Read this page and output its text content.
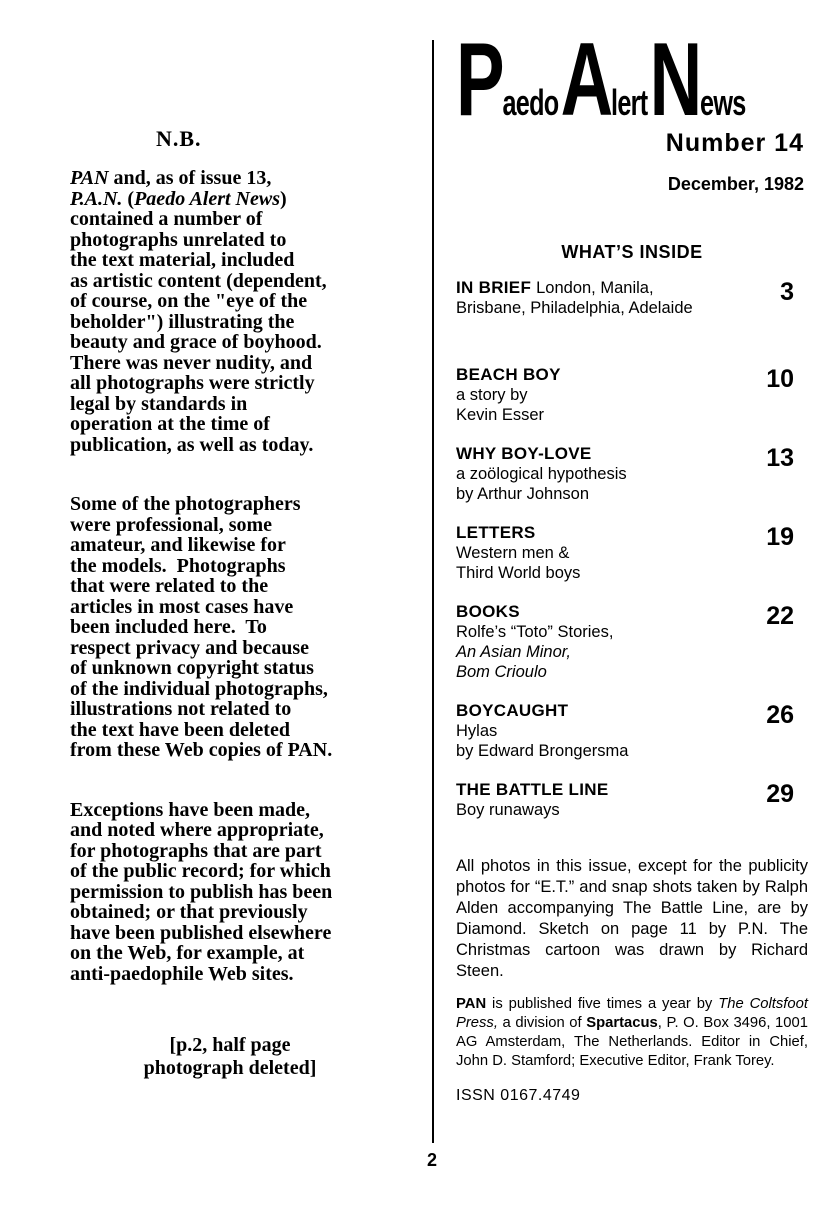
N.B.

PAN and, as of issue 13,
P.A.N. (Paedo Alert News)
contained a number of
photographs unrelated to
the text material, included
as artistic content (dependent,
of course, on the "eye of the
beholder") illustrating the
beauty and grace of boyhood.
There was never nudity, and
all photographs were strictly
legal by standards in
operation at the time of
publication, as well as today.

Some of the photographers
were professional, some
amateur, and likewise for
the models.  Photographs
that were related to the
articles in most cases have
been included here.  To
respect privacy and because
of unknown copyright status
of the individual photographs,
illustrations not related to
the text have been deleted
from these Web copies of PAN.

Exceptions have been made,
and noted where appropriate,
for photographs that are part
of the public record; for which
permission to publish has been
obtained; or that previously
have been published elsewhere
on the Web, for example, at
anti-paedophile Web sites.

[p.2, half page
photograph deleted]

PaedoAlertNews
Number 14
December, 1982
WHAT’S INSIDE
IN BRIEF London, Manila,
Brisbane, Philadelphia, Adelaide
3
BEACH BOY
a story by
Kevin Esser
10
WHY BOY-LOVE
a zoölogical hypothesis
by Arthur Johnson
13
LETTERS
Western men &
Third World boys
19
BOOKS
Rolfe’s “Toto” Stories,
An Asian Minor,
Bom Crioulo
22
BOYCAUGHT
Hylas
by Edward Brongersma
26
THE BATTLE LINE
Boy runaways
29

All photos in this issue, except for the publicity photos for “E.T.” and snap shots taken by Ralph Alden accompanying The Battle Line, are by Diamond. Sketch on page 11 by P.N. The Christmas cartoon was drawn by Richard Steen.

PAN is published five times a year by The Coltsfoot Press, a division of Spartacus, P. O. Box 3496, 1001 AG Amsterdam, The Netherlands. Editor in Chief, John D. Stamford; Executive Editor, Frank Torey.

ISSN 0167.4749
2
